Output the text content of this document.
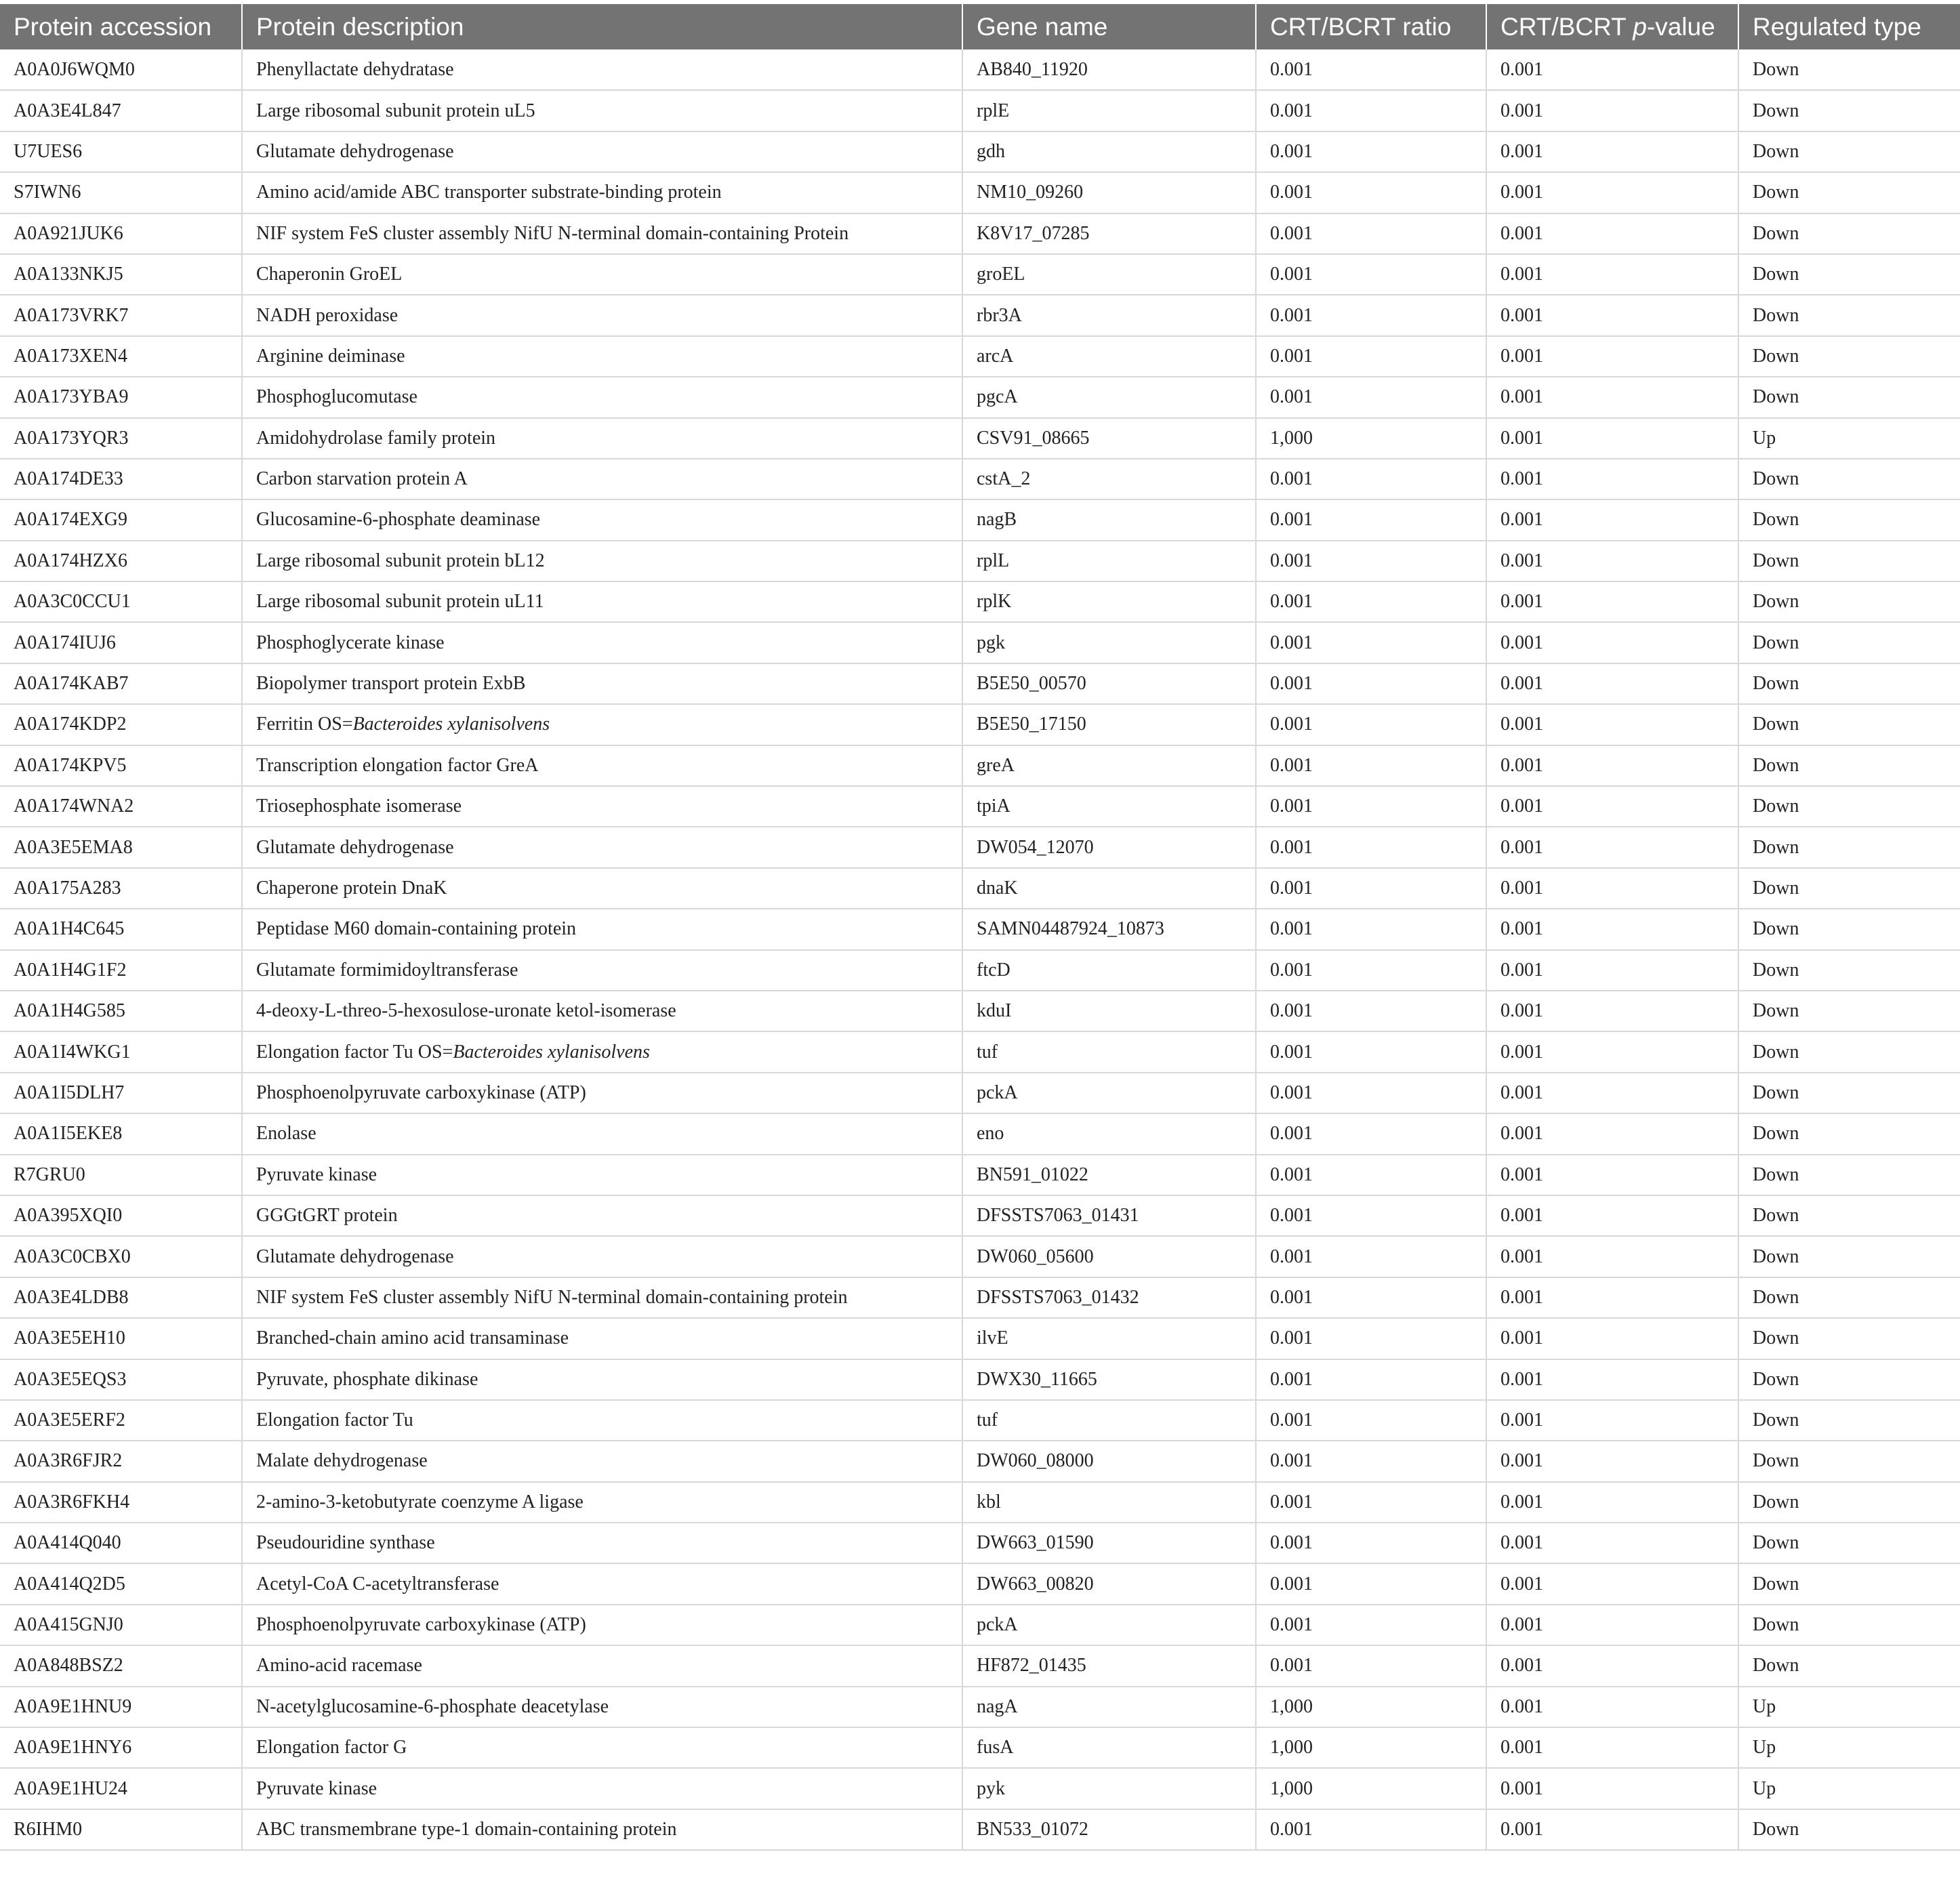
Protein accession	Protein description	Gene name	CRT/BCRT ratio	CRT/BCRT p-value	Regulated type
A0A0J6WQM0	Phenyllactate dehydratase	AB840_11920	0.001	0.001	Down
A0A3E4L847	Large ribosomal subunit protein uL5	rplE	0.001	0.001	Down
U7UES6	Glutamate dehydrogenase	gdh	0.001	0.001	Down
S7IWN6	Amino acid/amide ABC transporter substrate-binding protein	NM10_09260	0.001	0.001	Down
A0A921JUK6	NIF system FeS cluster assembly NifU N-terminal domain-containing Protein	K8V17_07285	0.001	0.001	Down
A0A133NKJ5	Chaperonin GroEL	groEL	0.001	0.001	Down
A0A173VRK7	NADH peroxidase	rbr3A	0.001	0.001	Down
A0A173XEN4	Arginine deiminase	arcA	0.001	0.001	Down
A0A173YBA9	Phosphoglucomutase	pgcA	0.001	0.001	Down
A0A173YQR3	Amidohydrolase family protein	CSV91_08665	1,000	0.001	Up
A0A174DE33	Carbon starvation protein A	cstA_2	0.001	0.001	Down
A0A174EXG9	Glucosamine-6-phosphate deaminase	nagB	0.001	0.001	Down
A0A174HZX6	Large ribosomal subunit protein bL12	rplL	0.001	0.001	Down
A0A3C0CCU1	Large ribosomal subunit protein uL11	rplK	0.001	0.001	Down
A0A174IUJ6	Phosphoglycerate kinase	pgk	0.001	0.001	Down
A0A174KAB7	Biopolymer transport protein ExbB	B5E50_00570	0.001	0.001	Down
A0A174KDP2	Ferritin OS=Bacteroides xylanisolvens	B5E50_17150	0.001	0.001	Down
A0A174KPV5	Transcription elongation factor GreA	greA	0.001	0.001	Down
A0A174WNA2	Triosephosphate isomerase	tpiA	0.001	0.001	Down
A0A3E5EMA8	Glutamate dehydrogenase	DW054_12070	0.001	0.001	Down
A0A175A283	Chaperone protein DnaK	dnaK	0.001	0.001	Down
A0A1H4C645	Peptidase M60 domain-containing protein	SAMN04487924_10873	0.001	0.001	Down
A0A1H4G1F2	Glutamate formimidoyltransferase	ftcD	0.001	0.001	Down
A0A1H4G585	4-deoxy-L-threo-5-hexosulose-uronate ketol-isomerase	kduI	0.001	0.001	Down
A0A1I4WKG1	Elongation factor Tu OS=Bacteroides xylanisolvens	tuf	0.001	0.001	Down
A0A1I5DLH7	Phosphoenolpyruvate carboxykinase (ATP)	pckA	0.001	0.001	Down
A0A1I5EKE8	Enolase	eno	0.001	0.001	Down
R7GRU0	Pyruvate kinase	BN591_01022	0.001	0.001	Down
A0A395XQI0	GGGtGRT protein	DFSSTS7063_01431	0.001	0.001	Down
A0A3C0CBX0	Glutamate dehydrogenase	DW060_05600	0.001	0.001	Down
A0A3E4LDB8	NIF system FeS cluster assembly NifU N-terminal domain-containing protein	DFSSTS7063_01432	0.001	0.001	Down
A0A3E5EH10	Branched-chain amino acid transaminase	ilvE	0.001	0.001	Down
A0A3E5EQS3	Pyruvate, phosphate dikinase	DWX30_11665	0.001	0.001	Down
A0A3E5ERF2	Elongation factor Tu	tuf	0.001	0.001	Down
A0A3R6FJR2	Malate dehydrogenase	DW060_08000	0.001	0.001	Down
A0A3R6FKH4	2-amino-3-ketobutyrate coenzyme A ligase	kbl	0.001	0.001	Down
A0A414Q040	Pseudouridine synthase	DW663_01590	0.001	0.001	Down
A0A414Q2D5	Acetyl-CoA C-acetyltransferase	DW663_00820	0.001	0.001	Down
A0A415GNJ0	Phosphoenolpyruvate carboxykinase (ATP)	pckA	0.001	0.001	Down
A0A848BSZ2	Amino-acid racemase	HF872_01435	0.001	0.001	Down
A0A9E1HNU9	N-acetylglucosamine-6-phosphate deacetylase	nagA	1,000	0.001	Up
A0A9E1HNY6	Elongation factor G	fusA	1,000	0.001	Up
A0A9E1HU24	Pyruvate kinase	pyk	1,000	0.001	Up
R6IHM0	ABC transmembrane type-1 domain-containing protein	BN533_01072	0.001	0.001	Down
